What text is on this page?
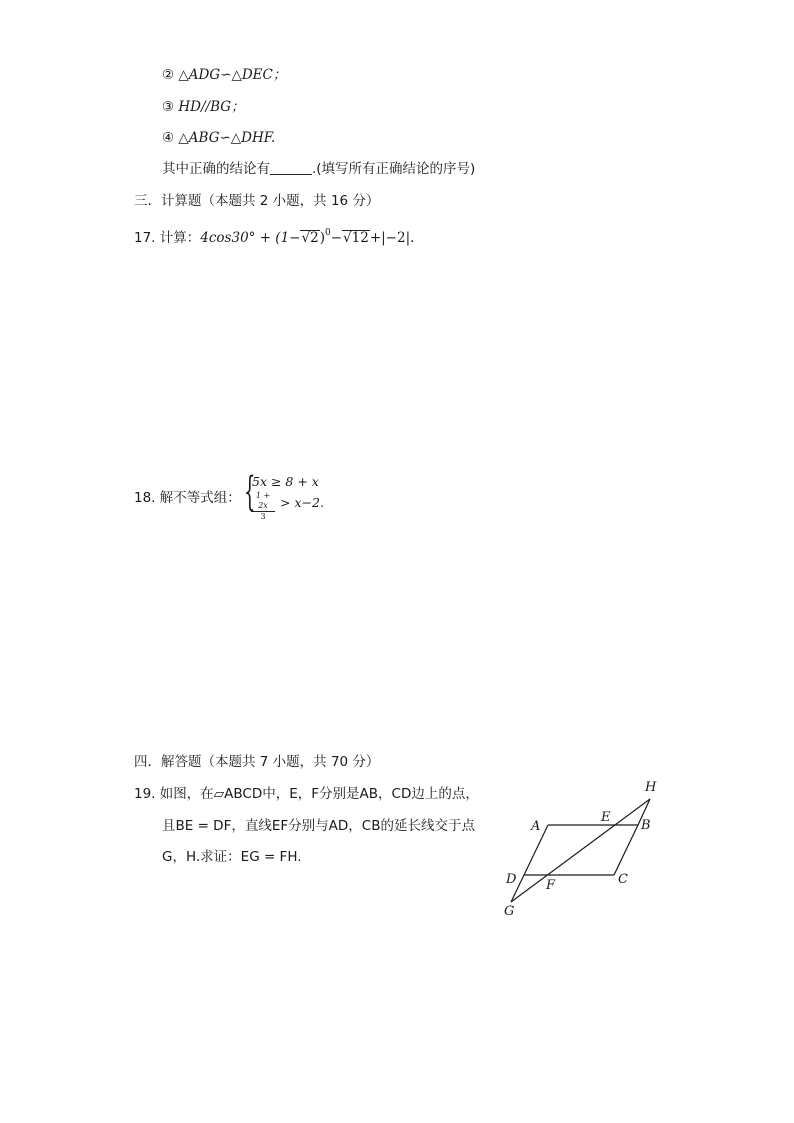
② △ADG∽△DEC；
③ HD//BG；
④ △ABG∽△DHF.
其中正确的结论有	.(填写所有正确结论的序号)
三．计算题（本题共 2 小题，共 16 分）
17. 计算：$4\cos 30^\circ + (1-√2)^0-√12+|-2|$.
18. 解不等式组： {
5x ≥ 8 + x
$\frac{1 + 2x}{3} > x-2$.
四．解答题（本题共 7 小题，共 70 分）
19. 如图，在▱ABCD中，E，F分别是AB，CD边上的点，
且BE = DF，直线EF分别与AD，CB的延长线交于点
G，H.求证：EG = FH.
A	B
C
D
E
F
G
H
